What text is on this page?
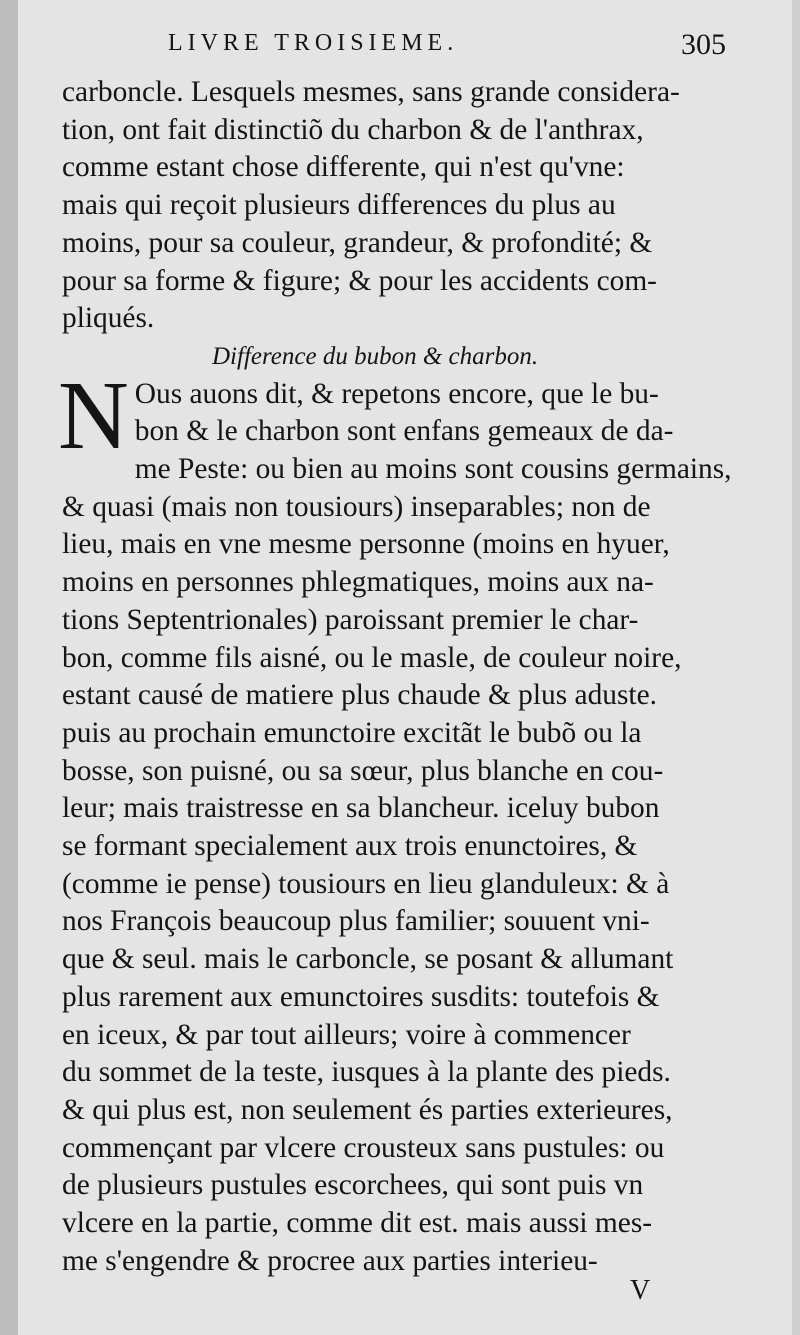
LIVRE TROISIEME.	305
carboncle. Lesquels mesmes, sans grande considera-
tion, ont fait distinctiõ du charbon & de l'anthrax,
comme estant chose differente, qui n'est qu'vne:
mais qui reçoit plusieurs differences du plus au
moins, pour sa couleur, grandeur, & profondité; &
pour sa forme & figure; & pour les accidents com-
pliqués.
Difference du bubon & charbon.
N Ous auons dit, & repetons encore, que le bu-
bon & le charbon sont enfans gemeaux de da-
me Peste: ou bien au moins sont cousins germains,
& quasi (mais non tousiours) inseparables; non de
lieu, mais en vne mesme personne (moins en hyuer,
moins en personnes phlegmatiques, moins aux na-
tions Septentrionales) paroissant premier le char-
bon, comme fils aisné, ou le masle, de couleur noire,
estant causé de matiere plus chaude & plus aduste.
puis au prochain emunctoire excitãt le bubõ ou la
bosse, son puisné, ou sa sœur, plus blanche en cou-
leur; mais traistresse en sa blancheur. iceluy bubon
se formant specialement aux trois enunctoires, &
(comme ie pense) tousiours en lieu glanduleux: & à
nos François beaucoup plus familier; souuent vni-
que & seul. mais le carboncle, se posant & allumant
plus rarement aux emunctoires susdits: toutefois &
en iceux, & par tout ailleurs; voire à commencer
du sommet de la teste, iusques à la plante des pieds.
& qui plus est, non seulement és parties exterieures,
commençant par vlcere crousteux sans pustules: ou
de plusieurs pustules escorchees, qui sont puis vn
vlcere en la partie, comme dit est. mais aussi mes-
me s'engendre & procree aux parties interieu-
V
